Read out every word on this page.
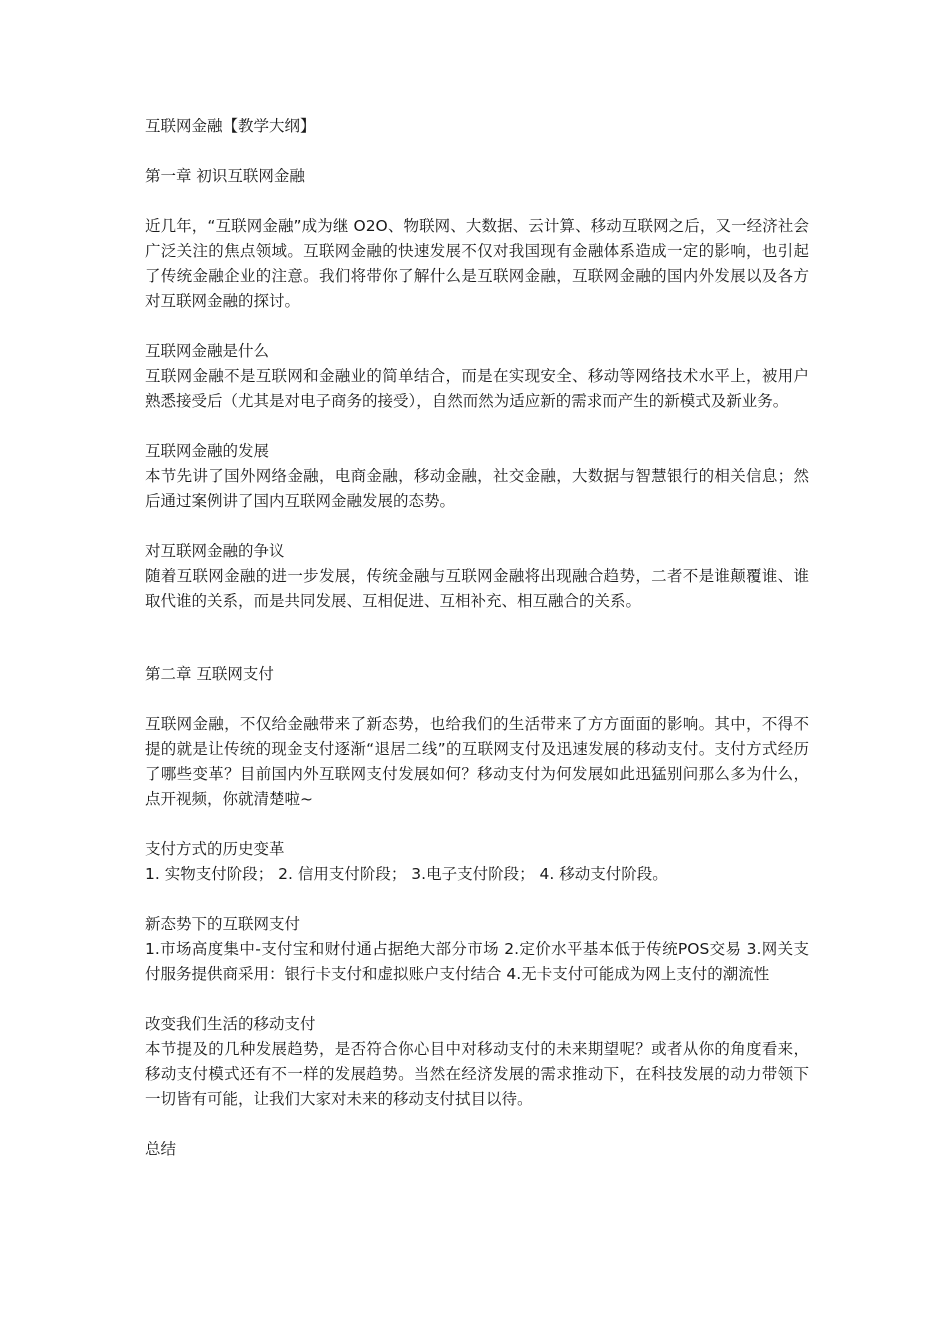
互联网金融【教学大纲】
第一章 初识互联网金融
近几年，“互联网金融”成为继 O2O、物联网、大数据、云计算、移动互联网之后，又一经济社会广泛关注的焦点领域。互联网金融的快速发展不仅对我国现有金融体系造成一定的影响，也引起了传统金融企业的注意。我们将带你了解什么是互联网金融，互联网金融的国内外发展以及各方对互联网金融的探讨。
互联网金融是什么
互联网金融不是互联网和金融业的简单结合，而是在实现安全、移动等网络技术水平上，被用户熟悉接受后（尤其是对电子商务的接受），自然而然为适应新的需求而产生的新模式及新业务。
互联网金融的发展
本节先讲了国外网络金融，电商金融，移动金融，社交金融，大数据与智慧银行的相关信息；然后通过案例讲了国内互联网金融发展的态势。
对互联网金融的争议
随着互联网金融的进一步发展，传统金融与互联网金融将出现融合趋势，二者不是谁颠覆谁、谁取代谁的关系，而是共同发展、互相促进、互相补充、相互融合的关系。
第二章 互联网支付
互联网金融，不仅给金融带来了新态势，也给我们的生活带来了方方面面的影响。其中，不得不提的就是让传统的现金支付逐渐“退居二线”的互联网支付及迅速发展的移动支付。支付方式经历了哪些变革？目前国内外互联网支付发展如何？移动支付为何发展如此迅猛别问那么多为什么，点开视频，你就清楚啦~
支付方式的历史变革
1. 实物支付阶段； 2. 信用支付阶段； 3.电子支付阶段； 4. 移动支付阶段。
新态势下的互联网支付
1.市场高度集中-支付宝和财付通占据绝大部分市场 2.定价水平基本低于传统POS交易 3.网关支付服务提供商采用：银行卡支付和虚拟账户支付结合 4.无卡支付可能成为网上支付的潮流性
改变我们生活的移动支付
本节提及的几种发展趋势，是否符合你心目中对移动支付的未来期望呢？或者从你的角度看来，移动支付模式还有不一样的发展趋势。当然在经济发展的需求推动下，在科技发展的动力带领下一切皆有可能，让我们大家对未来的移动支付拭目以待。
总结
